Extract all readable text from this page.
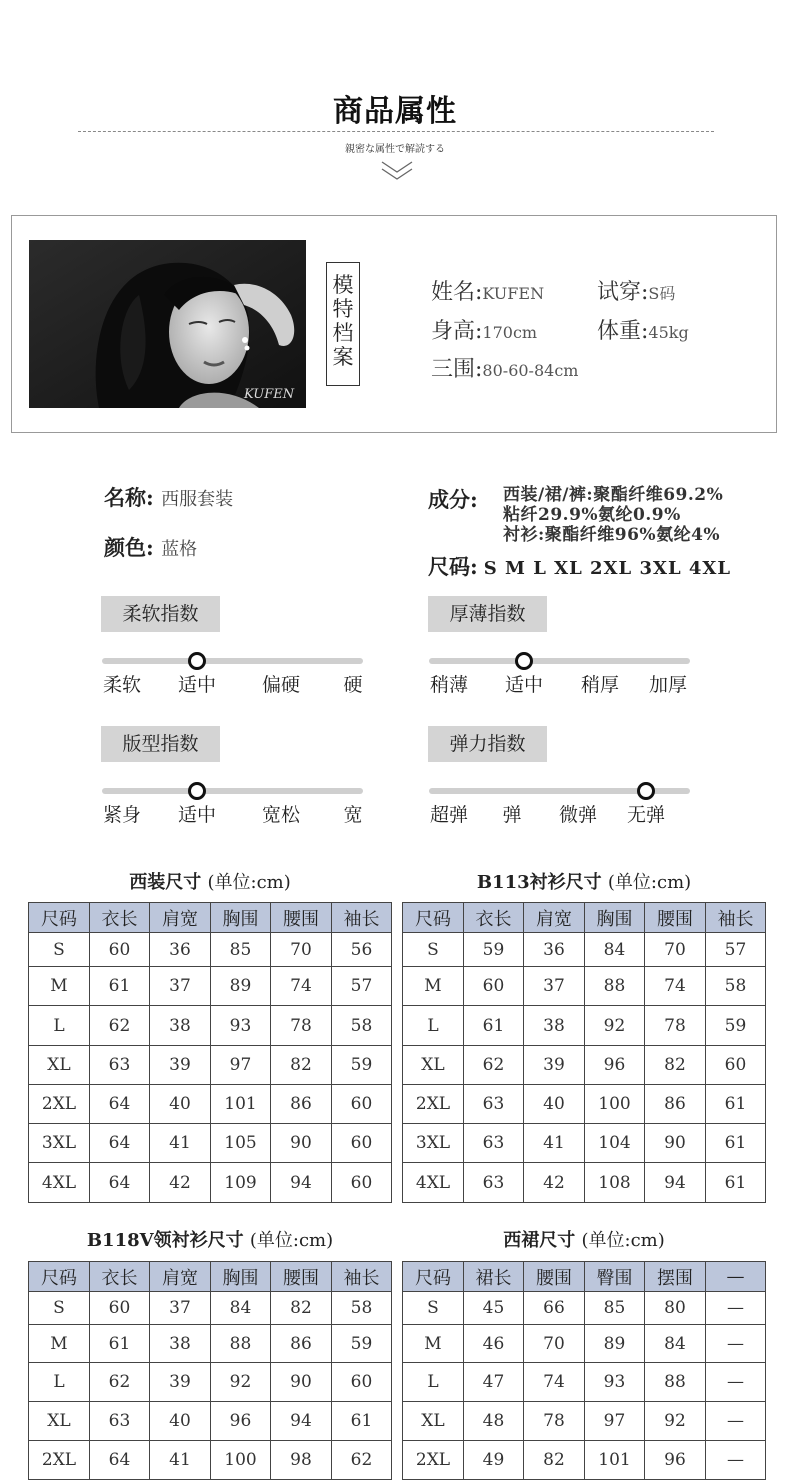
商品属性
親密な属性で解読する
KUFEN
模特档案
姓名:KUFEN 试穿:S码
身高:170cm	体重:45kg
三围:80-60-84cm
名称: 西服套装
颜色: 蓝格
成分: 西装/裙/裤:聚酯纤维69.2%
粘纤29.9%氨纶0.9%
衬衫:聚酯纤维96%氨纶4%
尺码: S M L XL 2XL 3XL 4XL
柔软指数
柔软 适中 偏硬 硬
厚薄指数
稍薄 适中 稍厚 加厚
版型指数
紧身 适中 宽松 宽
弹力指数
超弹 弹 微弹 无弹
西装尺寸 (单位:cm)
尺码	衣长	肩宽	胸围	腰围	袖长
S	60	36	85	70	56
M	61	37	89	74	57
L	62	38	93	78	58
XL	63	39	97	82	59
2XL	64	40	101	86	60
3XL	64	41	105	90	60
4XL	64	42	109	94	60
B113衬衫尺寸 (单位:cm)
尺码	衣长	肩宽	胸围	腰围	袖长
S	59	36	84	70	57
M	60	37	88	74	58
L	61	38	92	78	59
XL	62	39	96	82	60
2XL	63	40	100	86	61
3XL	63	41	104	90	61
4XL	63	42	108	94	61
B118V领衬衫尺寸 (单位:cm)
尺码	衣长	肩宽	胸围	腰围	袖长
S	60	37	84	82	58
M	61	38	88	86	59
L	62	39	92	90	60
XL	63	40	96	94	61
2XL	64	41	100	98	62
西裙尺寸 (单位:cm)
尺码	裙长	腰围	臀围	摆围	—
S	45	66	85	80	—
M	46	70	89	84	—
L	47	74	93	88	—
XL	48	78	97	92	—
2XL	49	82	101	96	—
